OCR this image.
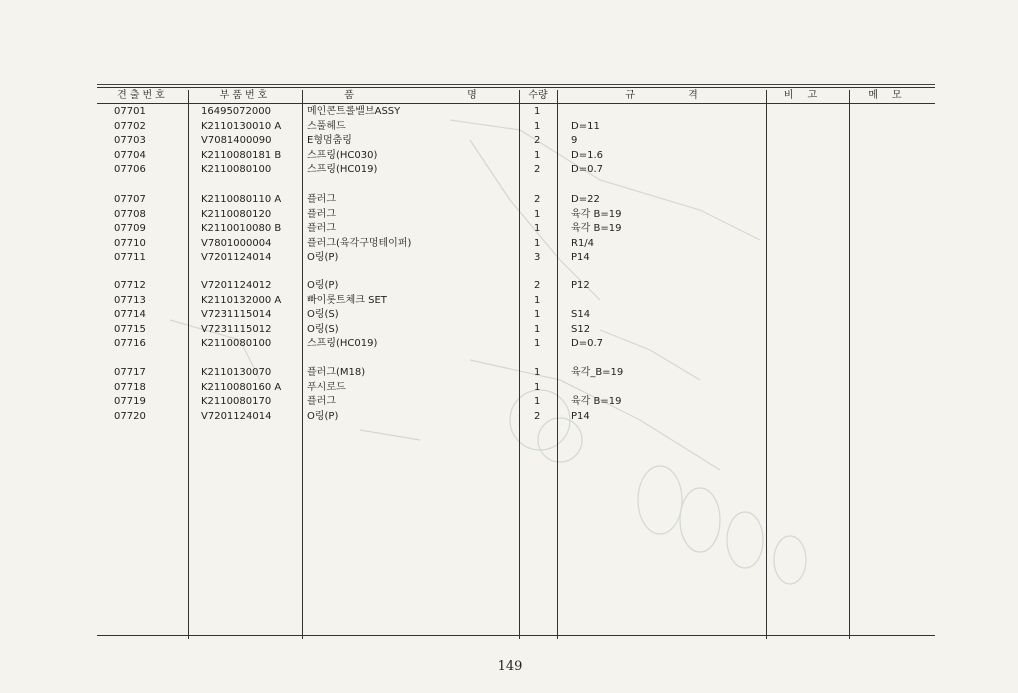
견출번호	부품번호	품 명	수량	규 격	비고	메모
07701	16495072000	메인콘트롤밸브ASSY	1
07702	K2110130010 A	스풀헤드	1	D=11
07703	V7081400090	E형멈춤링	2	9
07704	K2110080181 B	스프링(HC030)	1	D=1.6
07706	K2110080100	스프링(HC019)	2	D=0.7
07707	K2110080110 A	플러그	2	D=22
07708	K2110080120	플러그	1	육각 B=19
07709	K2110010080 B	플러그	1	육각 B=19
07710	V7801000004	플러그(육각구멍테이퍼)	1	R1/4
07711	V7201124014	O링(P)	3	P14
07712	V7201124012	O링(P)	2	P12
07713	K2110132000 A	빠이롯트체크 SET	1
07714	V7231115014	O링(S)	1	S14
07715	V7231115012	O링(S)	1	S12
07716	K2110080100	스프링(HC019)	1	D=0.7
07717	K2110130070	플러그(M18)	1	육각_B=19
07718	K2110080160 A	푸시로드	1
07719	K2110080170	플러그	1	육각 B=19
07720	V7201124014	O링(P)	2	P14
149
